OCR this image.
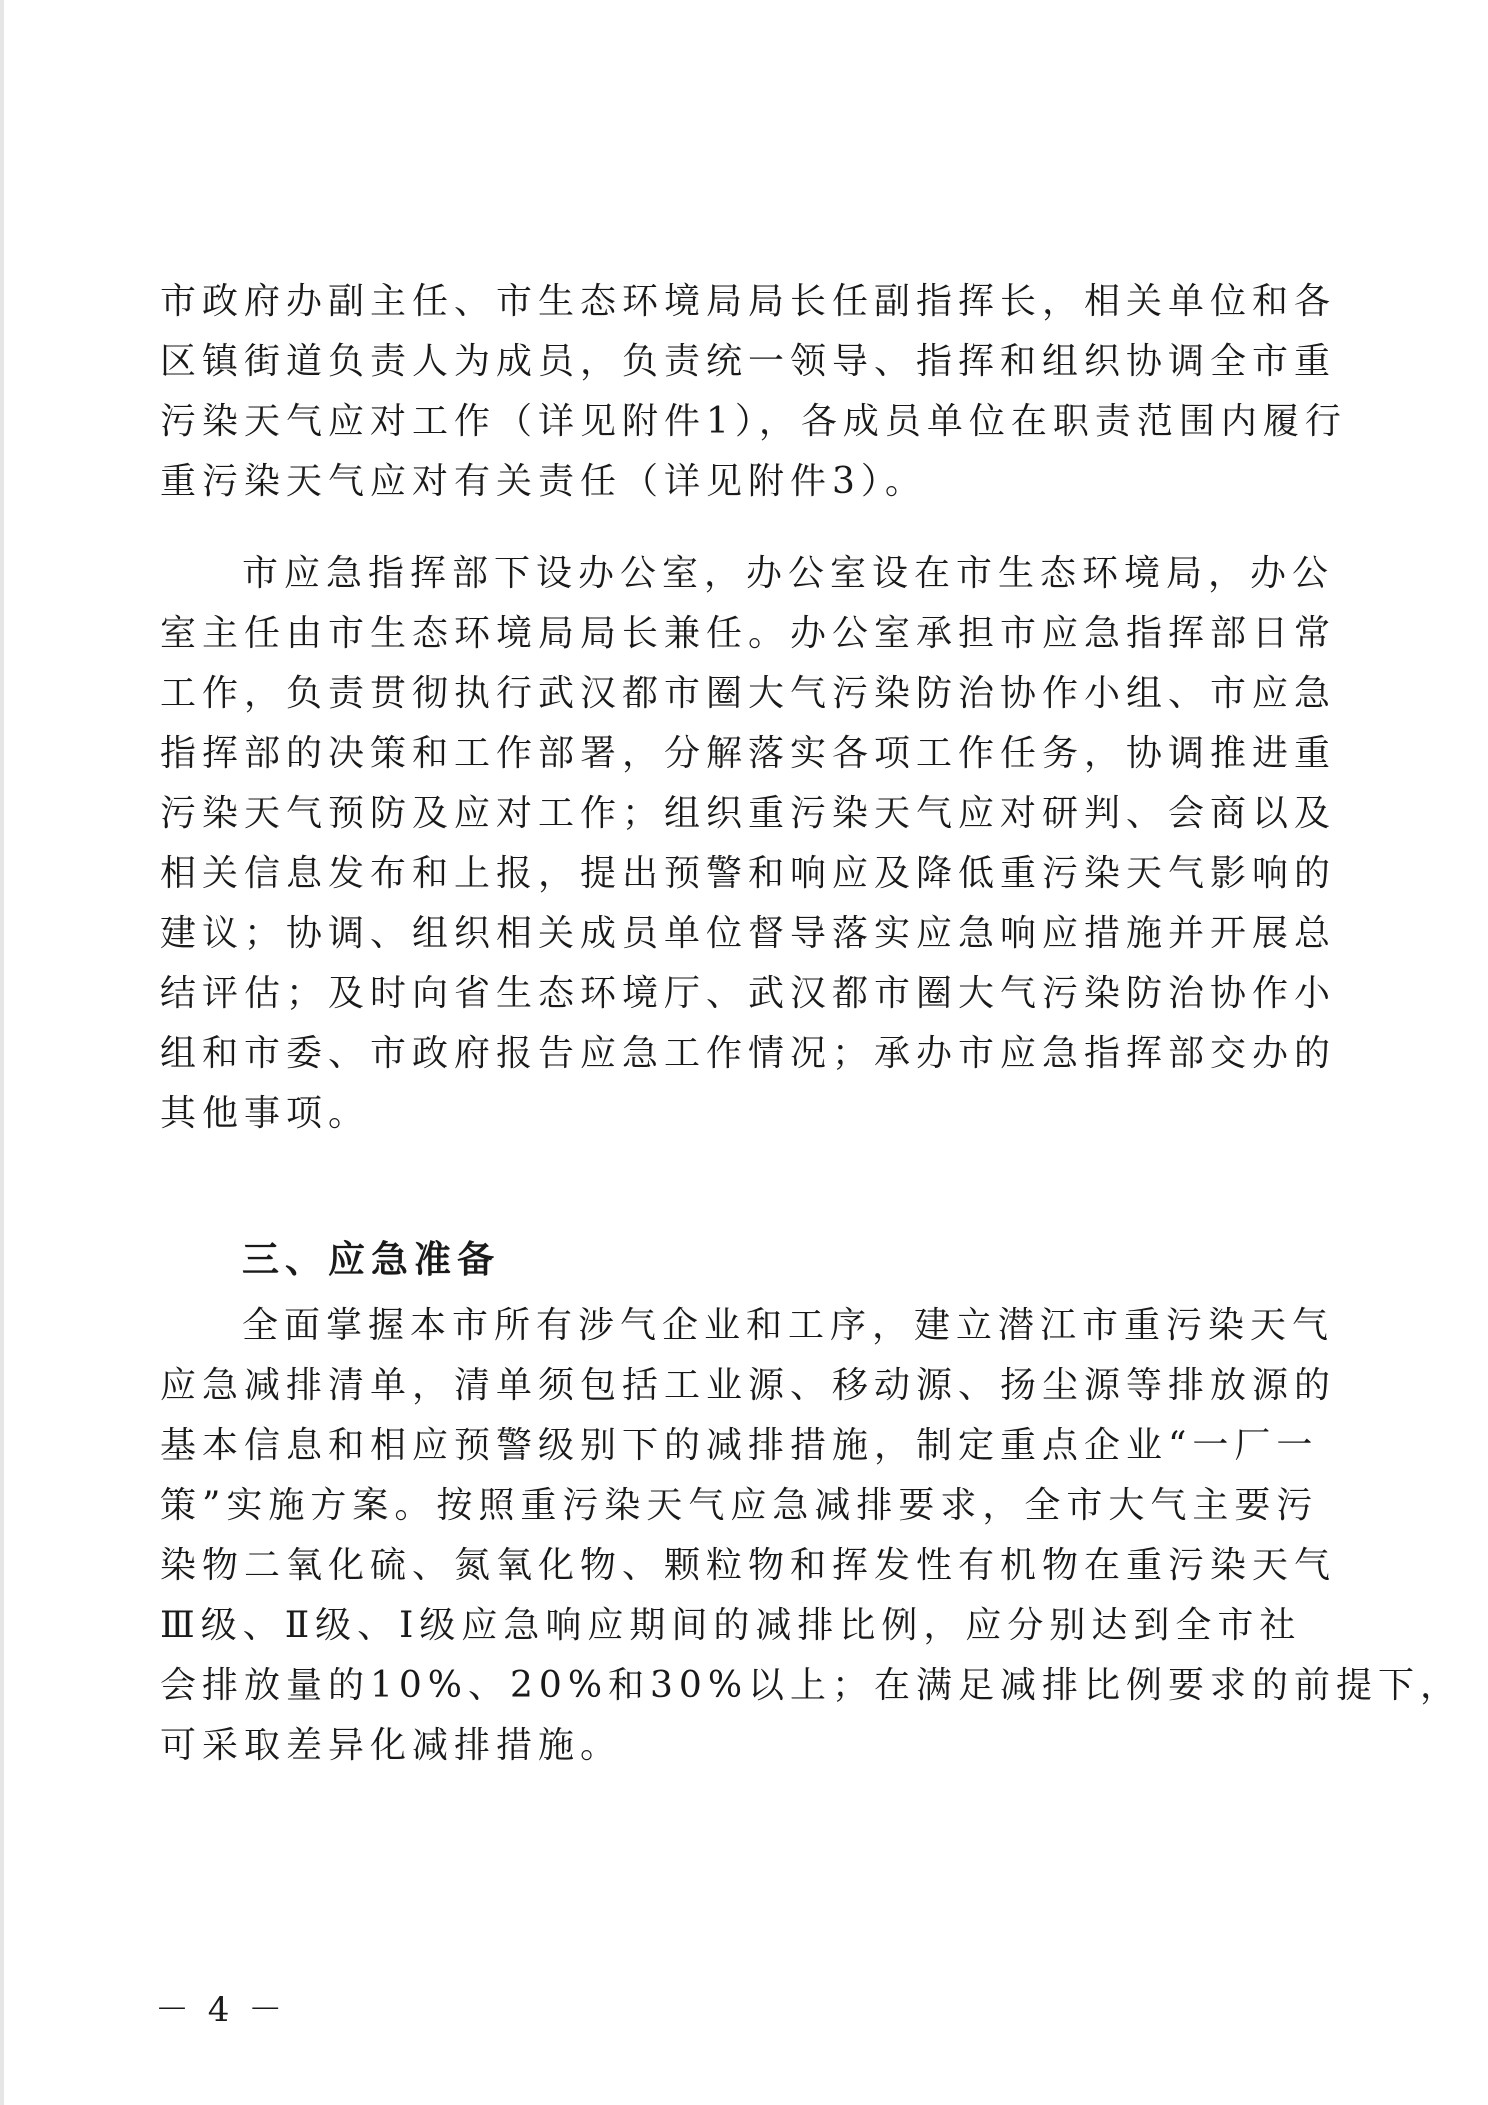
市政府办副主任、市生态环境局局长任副指挥长，相关单位和各
区镇街道负责人为成员，负责统一领导、指挥和组织协调全市重
污染天气应对工作（详见附件1），各成员单位在职责范围内履行
重污染天气应对有关责任（详见附件3）。
市应急指挥部下设办公室，办公室设在市生态环境局，办公
室主任由市生态环境局局长兼任。办公室承担市应急指挥部日常
工作，负责贯彻执行武汉都市圈大气污染防治协作小组、市应急
指挥部的决策和工作部署，分解落实各项工作任务，协调推进重
污染天气预防及应对工作；组织重污染天气应对研判、会商以及
相关信息发布和上报，提出预警和响应及降低重污染天气影响的
建议；协调、组织相关成员单位督导落实应急响应措施并开展总
结评估；及时向省生态环境厅、武汉都市圈大气污染防治协作小
组和市委、市政府报告应急工作情况；承办市应急指挥部交办的
其他事项。
三、应急准备
全面掌握本市所有涉气企业和工序，建立潜江市重污染天气
应急减排清单，清单须包括工业源、移动源、扬尘源等排放源的
基本信息和相应预警级别下的减排措施，制定重点企业“一厂一
策”实施方案。按照重污染天气应急减排要求，全市大气主要污
染物二氧化硫、氮氧化物、颗粒物和挥发性有机物在重污染天气
Ⅲ级、Ⅱ级、Ⅰ级应急响应期间的减排比例，应分别达到全市社
会排放量的10%、20%和30%以上；在满足减排比例要求的前提下，
可采取差异化减排措施。
－ 4 －
